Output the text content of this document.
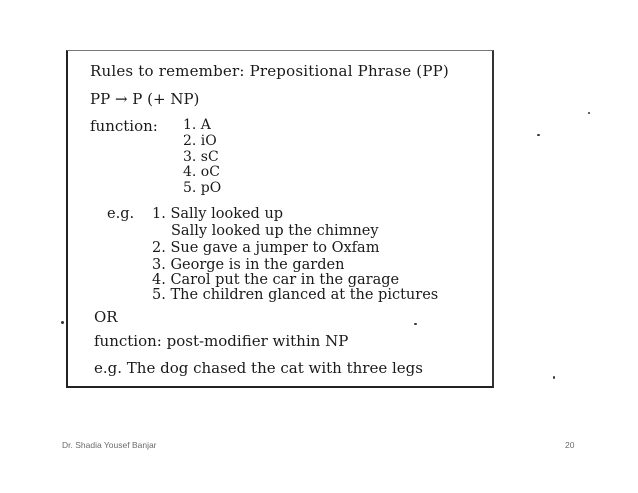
Rules to remember: Prepositional Phrase (PP)
PP → P (+ NP)
function: 1. A
2. iO
3. sC
4. oC
5. pO
e.g. 1. Sally looked up
Sally looked up the chimney
2. Sue gave a jumper to Oxfam
3. George is in the garden
4. Carol put the car in the garage
5. The children glanced at the pictures
OR
function: post-modifier within NP
e.g. The dog chased the cat with three legs
Dr. Shadia Yousef Banjar	20
